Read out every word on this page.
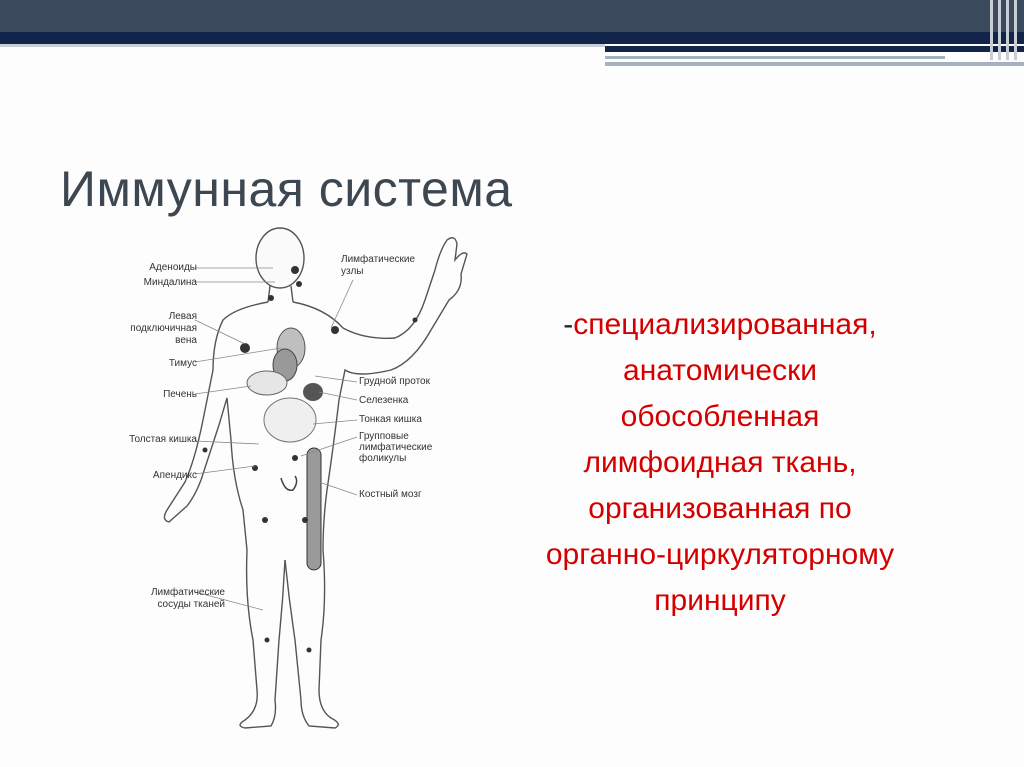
Иммунная система
Аденоиды
Миндалина
Левая
подключичная
вена
Тимус
Печень
Толстая кишка
Апендикс
Лимфатические
сосуды тканей
Лимфатические
узлы
Грудной проток
Селезенка
Тонкая кишка
Групповые
лимфатические
фоликулы
Костный мозг
-специализированная,
анатомически
обособленная
лимфоидная ткань,
организованная по
органно-циркуляторному
принципу
